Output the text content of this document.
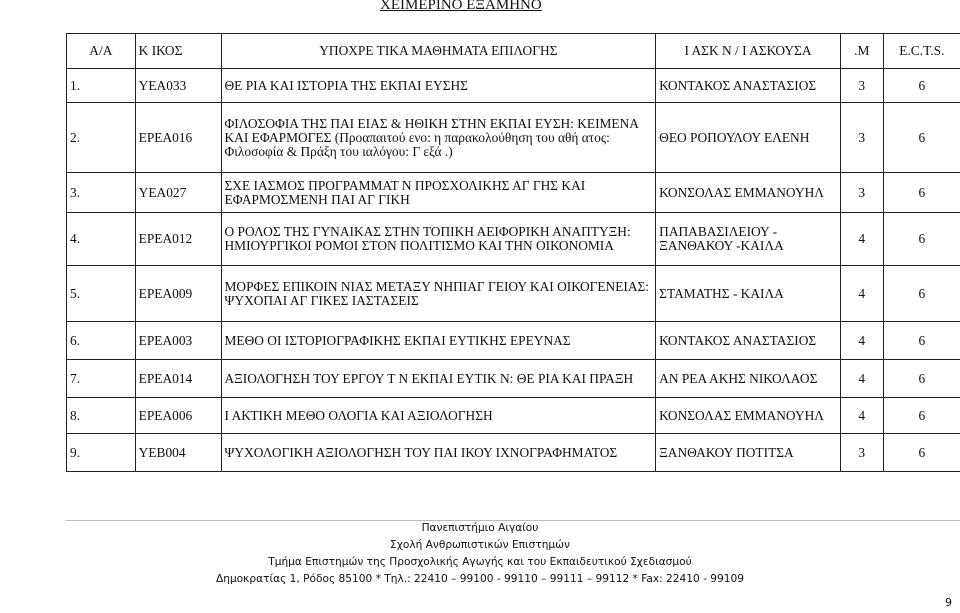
ΧΕΙΜΕΡΙΝΟ ΕΞΑΜΗΝΟ
Α/Α	Κ ΙΚΟΣ	ΥΠΟΧΡΕ ΤΙΚΑ ΜΑΘΗΜΑΤΑ ΕΠΙΛΟΓΗΣ	Ι ΑΣΚ Ν / Ι ΑΣΚΟΥΣΑ	.Μ	E.C.T.S.
1.	ΥΕΑ033	ΘΕ ΡΙΑ ΚΑΙ ΙΣΤΟΡΙΑ ΤΗΣ ΕΚΠΑΙ ΕΥΣΗΣ	ΚΟΝΤΑΚΟΣ ΑΝΑΣΤΑΣΙΟΣ	3	6
2.	ΕΡΕΑ016	ΦΙΛΟΣΟΦΙΑ ΤΗΣ ΠΑΙ ΕΙΑΣ & ΗΘΙΚΗ ΣΤΗΝ ΕΚΠΑΙ ΕΥΣΗ: ΚΕΙΜΕΝΑ ΚΑΙ ΕΦΑΡΜΟΓΕΣ (Προαπαιτού ενο: η παρακολούθηση του αθή ατος: Φιλοσοφία & Πράξη του ιαλόγου: Γ εξά .)	ΘΕΟ ΡΟΠΟΥΛΟΥ ΕΛΕΝΗ	3	6
3.	ΥΕΑ027	ΣΧΕ ΙΑΣΜΟΣ ΠΡΟΓΡΑΜΜΑΤ Ν ΠΡΟΣΧΟΛΙΚΗΣ ΑΓ ΓΗΣ ΚΑΙ ΕΦΑΡΜΟΣΜΕΝΗ ΠΑΙ ΑΓ ΓΙΚΗ	ΚΟΝΣΟΛΑΣ ΕΜΜΑΝΟΥΗΛ	3	6
4.	ΕΡΕΑ012	Ο ΡΟΛΟΣ ΤΗΣ ΓΥΝΑΙΚΑΣ ΣΤΗΝ ΤΟΠΙΚΗ ΑΕΙΦΟΡΙΚΗ ΑΝΑΠΤΥΞΗ: ΗΜΙΟΥΡΓΙΚΟΙ ΡΟΜΟΙ ΣΤΟΝ ΠΟΛΙΤΙΣΜΟ ΚΑΙ ΤΗΝ ΟΙΚΟΝΟΜΙΑ	ΠΑΠΑΒΑΣΙΛΕΙΟΥ - ΞΑΝΘΑΚΟΥ -ΚΑΙΛΑ	4	6
5.	ΕΡΕΑ009	ΜΟΡΦΕΣ ΕΠΙΚΟΙΝ ΝΙΑΣ ΜΕΤΑΞΥ ΝΗΠΙΑΓ ΓΕΙΟΥ ΚΑΙ ΟΙΚΟΓΕΝΕΙΑΣ: ΨΥΧΟΠΑΙ ΑΓ ΓΙΚΕΣ ΙΑΣΤΑΣΕΙΣ	ΣΤΑΜΑΤΗΣ - ΚΑΙΛΑ	4	6
6.	ΕΡΕΑ003	ΜΕΘΟ ΟΙ ΙΣΤΟΡΙΟΓΡΑΦΙΚΗΣ ΕΚΠΑΙ ΕΥΤΙΚΗΣ ΕΡΕΥΝΑΣ	ΚΟΝΤΑΚΟΣ ΑΝΑΣΤΑΣΙΟΣ	4	6
7.	ΕΡΕΑ014	ΑΞΙΟΛΟΓΗΣΗ ΤΟΥ ΕΡΓΟΥ Τ Ν ΕΚΠΑΙ ΕΥΤΙΚ Ν: ΘΕ ΡΙΑ ΚΑΙ ΠΡΑΞΗ	ΑΝ ΡΕΑ ΑΚΗΣ ΝΙΚΟΛΑΟΣ	4	6
8.	ΕΡΕΑ006	Ι ΑΚΤΙΚΗ ΜΕΘΟ ΟΛΟΓΙΑ ΚΑΙ ΑΞΙΟΛΟΓΗΣΗ	ΚΟΝΣΟΛΑΣ ΕΜΜΑΝΟΥΗΛ	4	6
9.	ΥΕΒ004	ΨΥΧΟΛΟΓΙΚΗ ΑΞΙΟΛΟΓΗΣΗ ΤΟΥ ΠΑΙ ΙΚΟΥ ΙΧΝΟΓΡΑΦΗΜΑΤΟΣ	ΞΑΝΘΑΚΟΥ ΠΟΤΙΤΣΑ	3	6
Πανεπιστήμιο Αιγαίου
Σχολή Ανθρωπιστικών Επιστημών
Τμήμα Επιστημών της Προσχολικής Αγωγής και του Εκπαιδευτικού Σχεδιασμού
Δημοκρατίας 1, Ρόδος 85100 * Τηλ.: 22410 – 99100 - 99110 – 99111 – 99112 * Fax: 22410 - 99109
9
